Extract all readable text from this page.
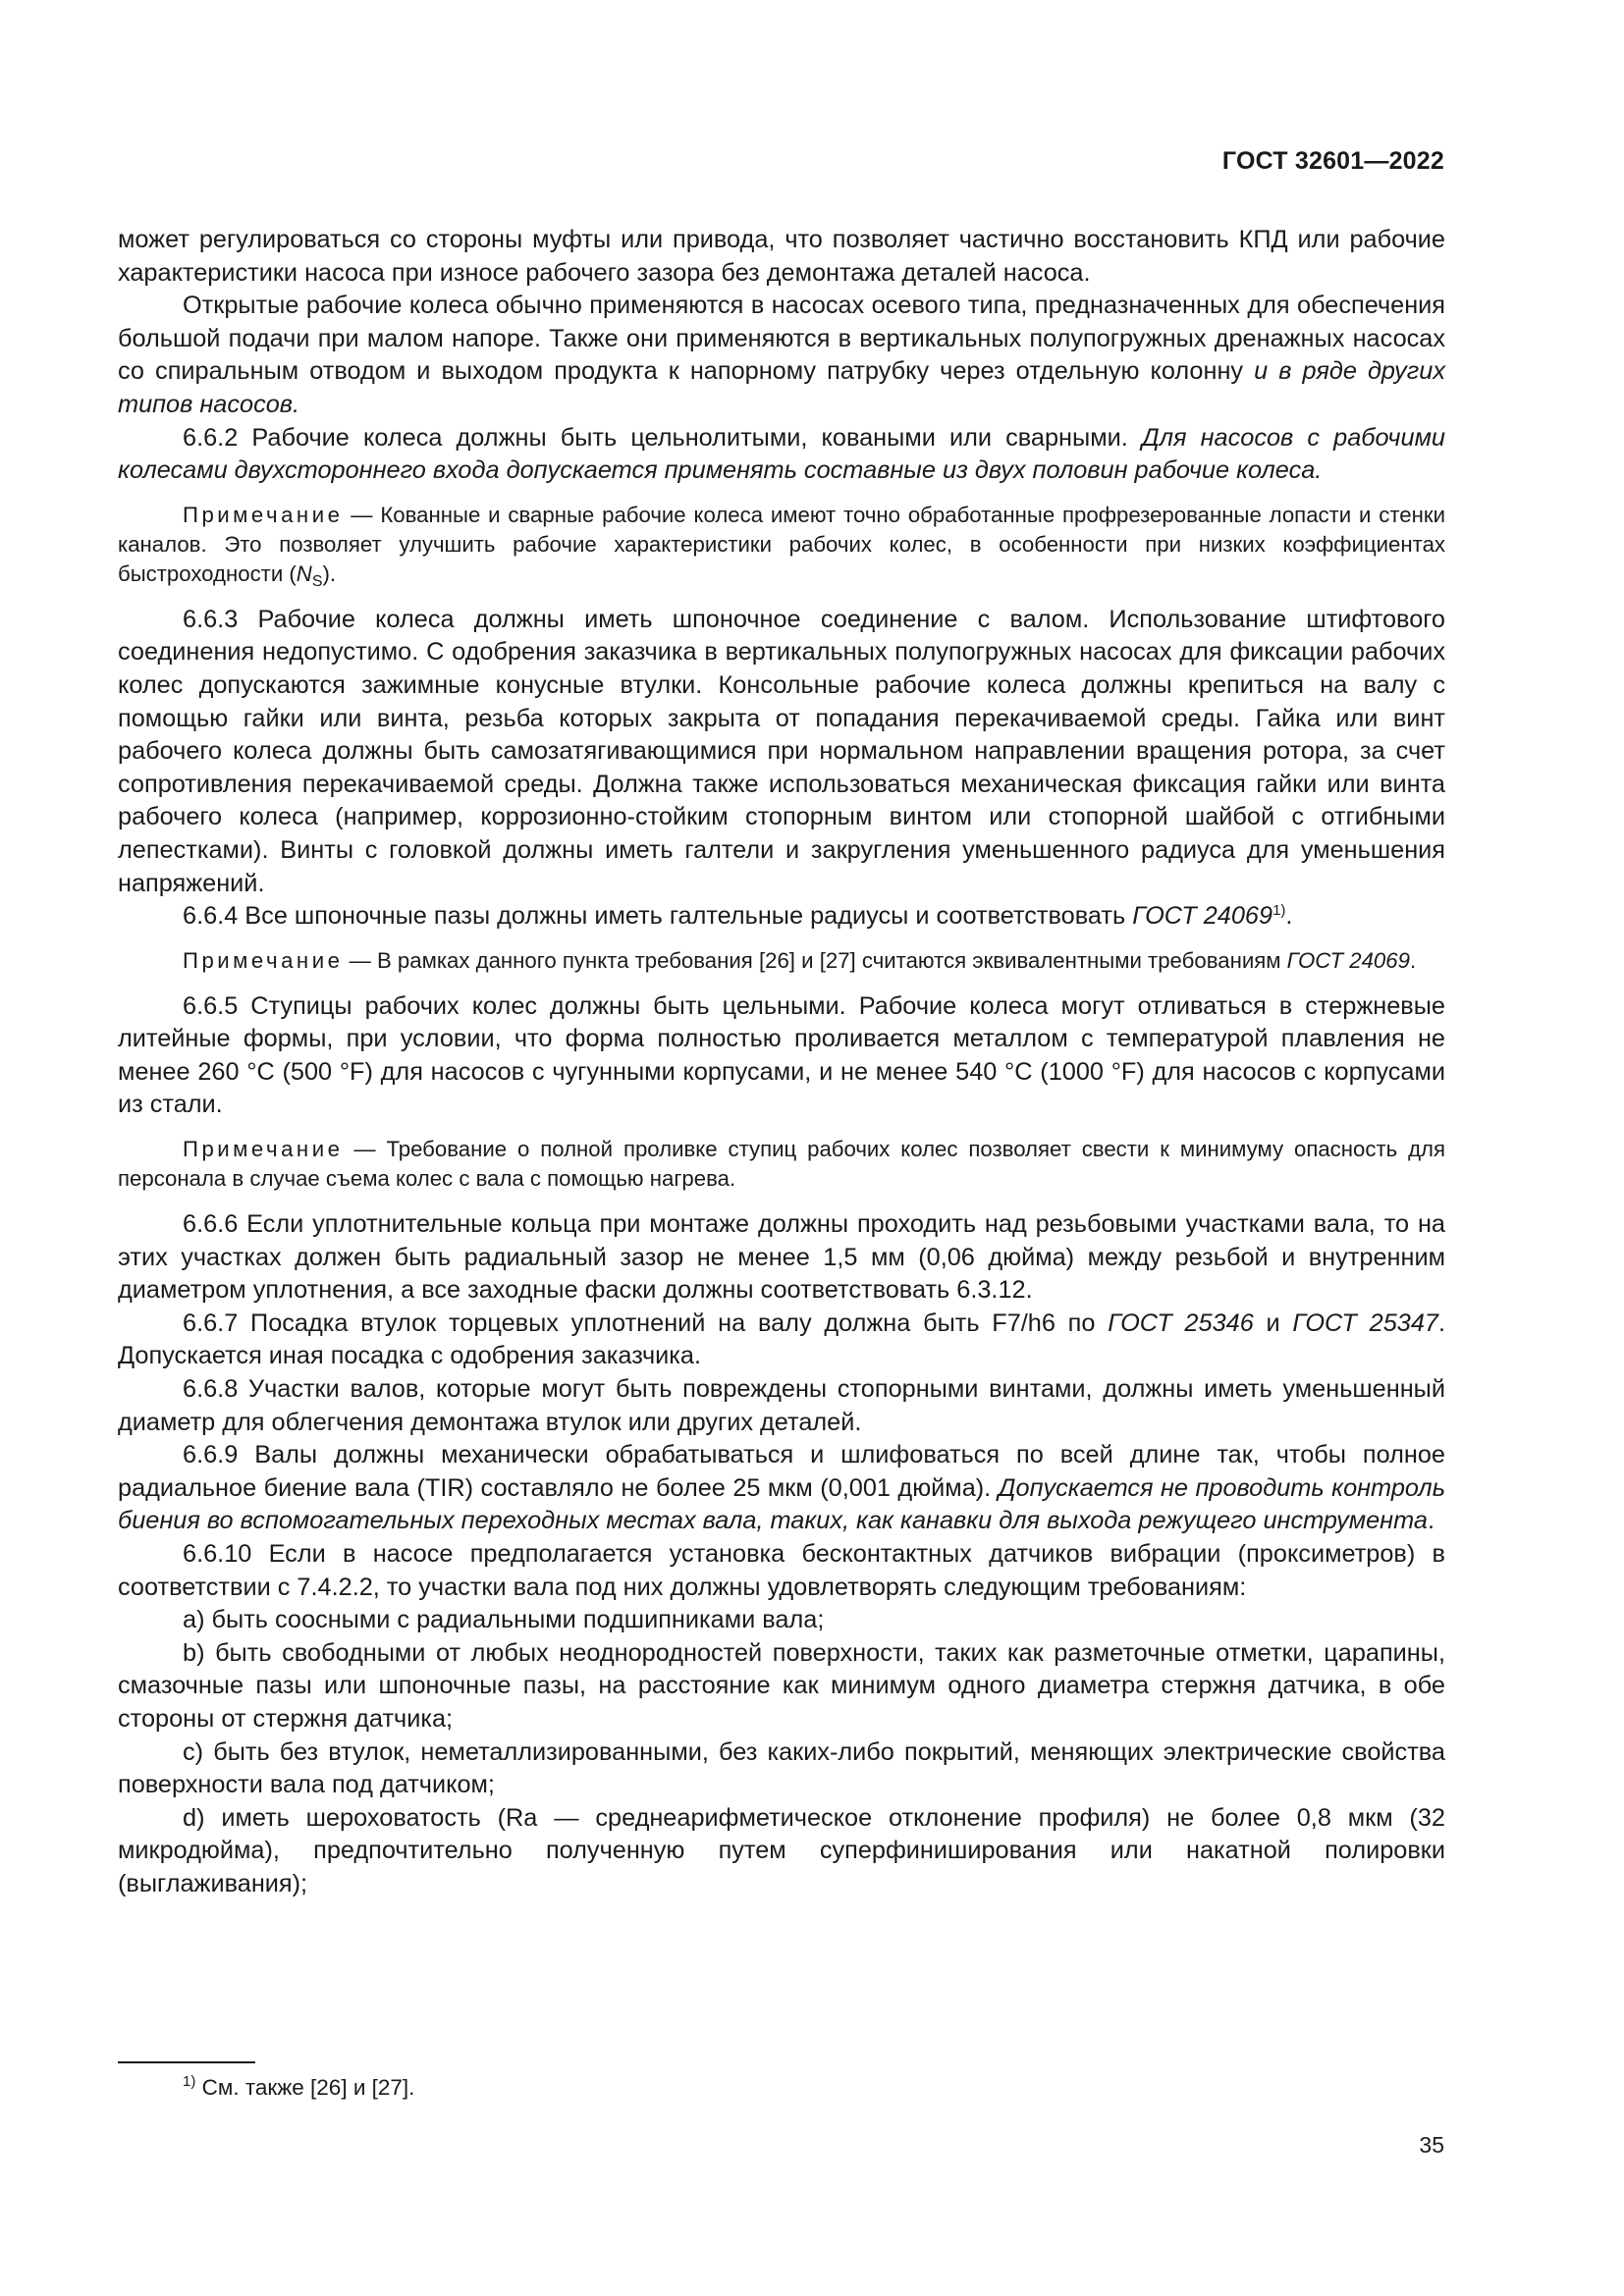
ГОСТ 32601—2022

может регулироваться со стороны муфты или привода, что позволяет частично восстановить КПД или рабочие характеристики насоса при износе рабочего зазора без демонтажа деталей насоса.

Открытые рабочие колеса обычно применяются в насосах осевого типа, предназначенных для обеспечения большой подачи при малом напоре. Также они применяются в вертикальных полупогружных дренажных насосах со спиральным отводом и выходом продукта к напорному патрубку через отдельную колонну и в ряде других типов насосов.

6.6.2 Рабочие колеса должны быть цельнолитыми, коваными или сварными. Для насосов с рабочими колесами двухстороннего входа допускается применять составные из двух половин рабочие колеса.

Примечание — Кованные и сварные рабочие колеса имеют точно обработанные профрезерованные лопасти и стенки каналов. Это позволяет улучшить рабочие характеристики рабочих колес, в особенности при низких коэффициентах быстроходности $(N_S)$.

6.6.3 Рабочие колеса должны иметь шпоночное соединение с валом. Использование штифтового соединения недопустимо. С одобрения заказчика в вертикальных полупогружных насосах для фиксации рабочих колес допускаются зажимные конусные втулки. Консольные рабочие колеса должны крепиться на валу с помощью гайки или винта, резьба которых закрыта от попадания перекачиваемой среды. Гайка или винт рабочего колеса должны быть самозатягивающимися при нормальном направлении вращения ротора, за счет сопротивления перекачиваемой среды. Должна также использоваться механическая фиксация гайки или винта рабочего колеса (например, коррозионно-стойким стопорным винтом или стопорной шайбой с отгибными лепестками). Винты с головкой должны иметь галтели и закругления уменьшенного радиуса для уменьшения напряжений.

6.6.4 Все шпоночные пазы должны иметь галтельные радиусы и соответствовать ГОСТ 24069$^{1)}$.

Примечание — В рамках данного пункта требования [26] и [27] считаются эквивалентными требованиям ГОСТ 24069.

6.6.5 Ступицы рабочих колес должны быть цельными. Рабочие колеса могут отливаться в стержневые литейные формы, при условии, что форма полностью проливается металлом с температурой плавления не менее 260 °С (500 °F) для насосов с чугунными корпусами, и не менее 540 °С (1000 °F) для насосов с корпусами из стали.

Примечание — Требование о полной проливке ступиц рабочих колес позволяет свести к минимуму опасность для персонала в случае съема колес с вала с помощью нагрева.

6.6.6 Если уплотнительные кольца при монтаже должны проходить над резьбовыми участками вала, то на этих участках должен быть радиальный зазор не менее 1,5 мм (0,06 дюйма) между резьбой и внутренним диаметром уплотнения, а все заходные фаски должны соответствовать 6.3.12.

6.6.7 Посадка втулок торцевых уплотнений на валу должна быть F7/h6 по ГОСТ 25346 и ГОСТ 25347. Допускается иная посадка с одобрения заказчика.

6.6.8 Участки валов, которые могут быть повреждены стопорными винтами, должны иметь уменьшенный диаметр для облегчения демонтажа втулок или других деталей.

6.6.9 Валы должны механически обрабатываться и шлифоваться по всей длине так, чтобы полное радиальное биение вала (TIR) составляло не более 25 мкм (0,001 дюйма). Допускается не проводить контроль биения во вспомогательных переходных местах вала, таких, как канавки для выхода режущего инструмента.

6.6.10 Если в насосе предполагается установка бесконтактных датчиков вибрации (проксиметров) в соответствии с 7.4.2.2, то участки вала под них должны удовлетворять следующим требованиям:

a) быть соосными с радиальными подшипниками вала;

b) быть свободными от любых неоднородностей поверхности, таких как разметочные отметки, царапины, смазочные пазы или шпоночные пазы, на расстояние как минимум одного диаметра стержня датчика, в обе стороны от стержня датчика;

c) быть без втулок, неметаллизированными, без каких-либо покрытий, меняющих электрические свойства поверхности вала под датчиком;

d) иметь шероховатость (Ra — среднеарифметическое отклонение профиля) не более 0,8 мкм (32 микродюйма), предпочтительно полученную путем суперфиниширования или накатной полировки (выглаживания);

$^{1)}$ См. также [26] и [27].
35
